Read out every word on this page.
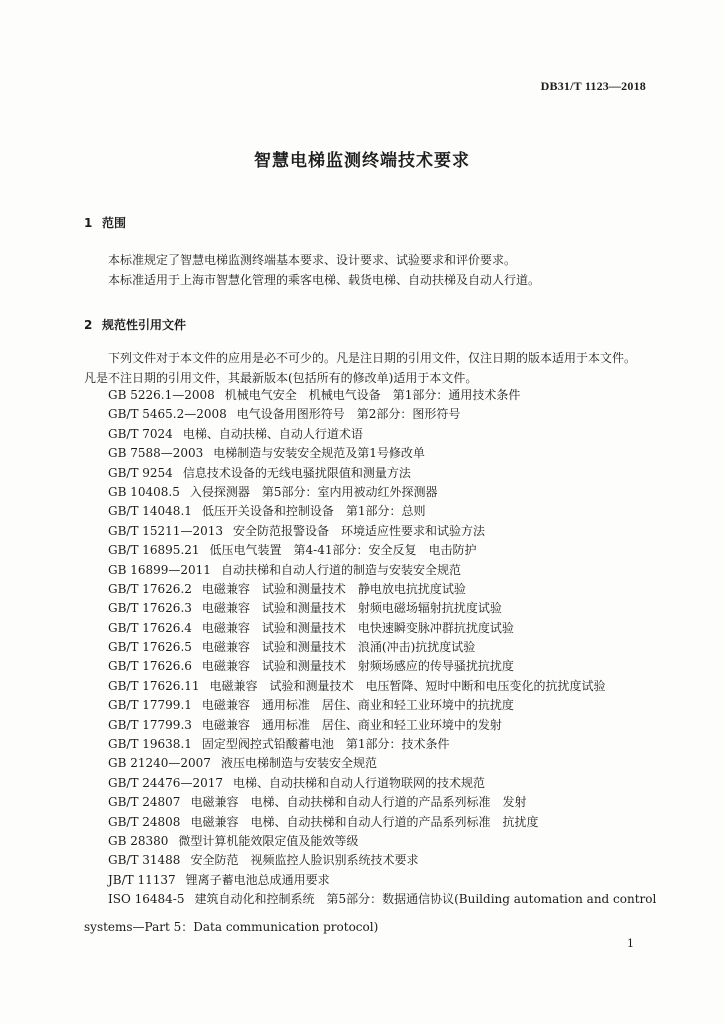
DB31/T 1123—2018
智慧电梯监测终端技术要求
1 范围
本标准规定了智慧电梯监测终端基本要求、设计要求、试验要求和评价要求。
本标准适用于上海市智慧化管理的乘客电梯、载货电梯、自动扶梯及自动人行道。
2 规范性引用文件
下列文件对于本文件的应用是必不可少的。凡是注日期的引用文件，仅注日期的版本适用于本文件。凡是不注日期的引用文件，其最新版本(包括所有的修改单)适用于本文件。
GB 5226.1—2008 机械电气安全　机械电气设备　第1部分：通用技术条件
GB/T 5465.2—2008 电气设备用图形符号　第2部分：图形符号
GB/T 7024 电梯、自动扶梯、自动人行道术语
GB 7588—2003 电梯制造与安装安全规范及第1号修改单
GB/T 9254 信息技术设备的无线电骚扰限值和测量方法
GB 10408.5 入侵探测器　第5部分：室内用被动红外探测器
GB/T 14048.1 低压开关设备和控制设备　第1部分：总则
GB/T 15211—2013 安全防范报警设备　环境适应性要求和试验方法
GB/T 16895.21 低压电气装置　第4-41部分：安全反复　电击防护
GB 16899—2011 自动扶梯和自动人行道的制造与安装安全规范
GB/T 17626.2 电磁兼容　试验和测量技术　静电放电抗扰度试验
GB/T 17626.3 电磁兼容　试验和测量技术　射频电磁场辐射抗扰度试验
GB/T 17626.4 电磁兼容　试验和测量技术　电快速瞬变脉冲群抗扰度试验
GB/T 17626.5 电磁兼容　试验和测量技术　浪涌(冲击)抗扰度试验
GB/T 17626.6 电磁兼容　试验和测量技术　射频场感应的传导骚扰抗扰度
GB/T 17626.11 电磁兼容　试验和测量技术　电压暂降、短时中断和电压变化的抗扰度试验
GB/T 17799.1 电磁兼容　通用标准　居住、商业和轻工业环境中的抗扰度
GB/T 17799.3 电磁兼容　通用标准　居住、商业和轻工业环境中的发射
GB/T 19638.1 固定型阀控式铅酸蓄电池　第1部分：技术条件
GB 21240—2007 液压电梯制造与安装安全规范
GB/T 24476—2017 电梯、自动扶梯和自动人行道物联网的技术规范
GB/T 24807 电磁兼容　电梯、自动扶梯和自动人行道的产品系列标准　发射
GB/T 24808 电磁兼容　电梯、自动扶梯和自动人行道的产品系列标准　抗扰度
GB 28380 微型计算机能效限定值及能效等级
GB/T 31488 安全防范　视频监控人脸识别系统技术要求
JB/T 11137 锂离子蓄电池总成通用要求
ISO 16484-5 建筑自动化和控制系统　第5部分：数据通信协议(Building automation and control
systems—Part 5：Data communication protocol)
1
